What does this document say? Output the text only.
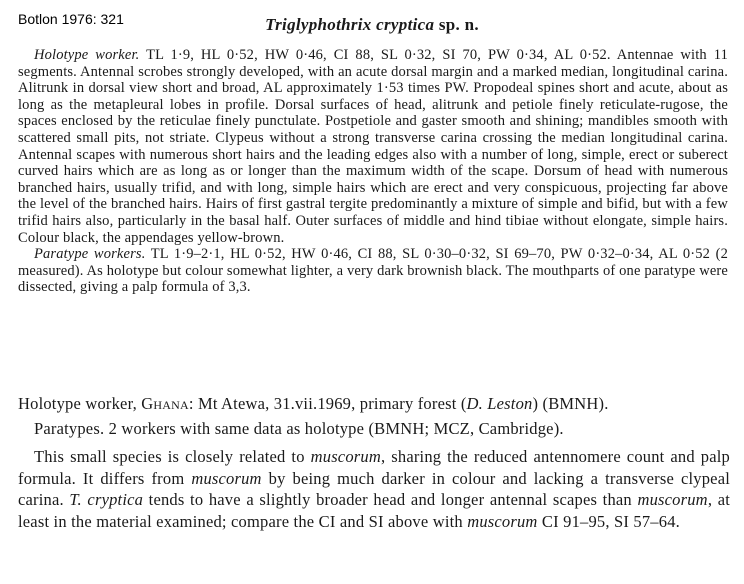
Botlon 1976: 321	Triglyphothrix cryptica sp. n.

Holotype worker. TL 1·9, HL 0·52, HW 0·46, CI 88, SL 0·32, SI 70, PW 0·34, AL 0·52. Antennae with 11 segments. Antennal scrobes strongly developed, with an acute dorsal margin and a marked median, longitudinal carina. Alitrunk in dorsal view short and broad, AL approximately 1·53 times PW. Propodeal spines short and acute, about as long as the metapleural lobes in profile. Dorsal surfaces of head, alitrunk and petiole finely reticulate-rugose, the spaces enclosed by the reticulae finely punctulate. Postpetiole and gaster smooth and shining; mandibles smooth with scattered small pits, not striate. Clypeus without a strong transverse carina crossing the median longitudinal carina. Antennal scapes with numerous short hairs and the leading edges also with a number of long, simple, erect or suberect curved hairs which are as long as or longer than the maximum width of the scape. Dorsum of head with numerous branched hairs, usually trifid, and with long, simple hairs which are erect and very conspicuous, projecting far above the level of the branched hairs. Hairs of first gastral tergite predominantly a mixture of simple and bifid, but with a few trifid hairs also, particularly in the basal half. Outer surfaces of middle and hind tibiae without elongate, simple hairs. Colour black, the appendages yellow-brown.

Paratype workers. TL 1·9–2·1, HL 0·52, HW 0·46, CI 88, SL 0·30–0·32, SI 69–70, PW 0·32–0·34, AL 0·52 (2 measured). As holotype but colour somewhat lighter, a very dark brownish black. The mouthparts of one paratype were dissected, giving a palp formula of 3,3.

Holotype worker, Ghana: Mt Atewa, 31.vii.1969, primary forest (D. Leston) (BMNH).

Paratypes. 2 workers with same data as holotype (BMNH; MCZ, Cambridge).

This small species is closely related to muscorum, sharing the reduced antennomere count and palp formula. It differs from muscorum by being much darker in colour and lacking a transverse clypeal carina. T. cryptica tends to have a slightly broader head and longer antennal scapes than muscorum, at least in the material examined; compare the CI and SI above with muscorum CI 91–95, SI 57–64.
